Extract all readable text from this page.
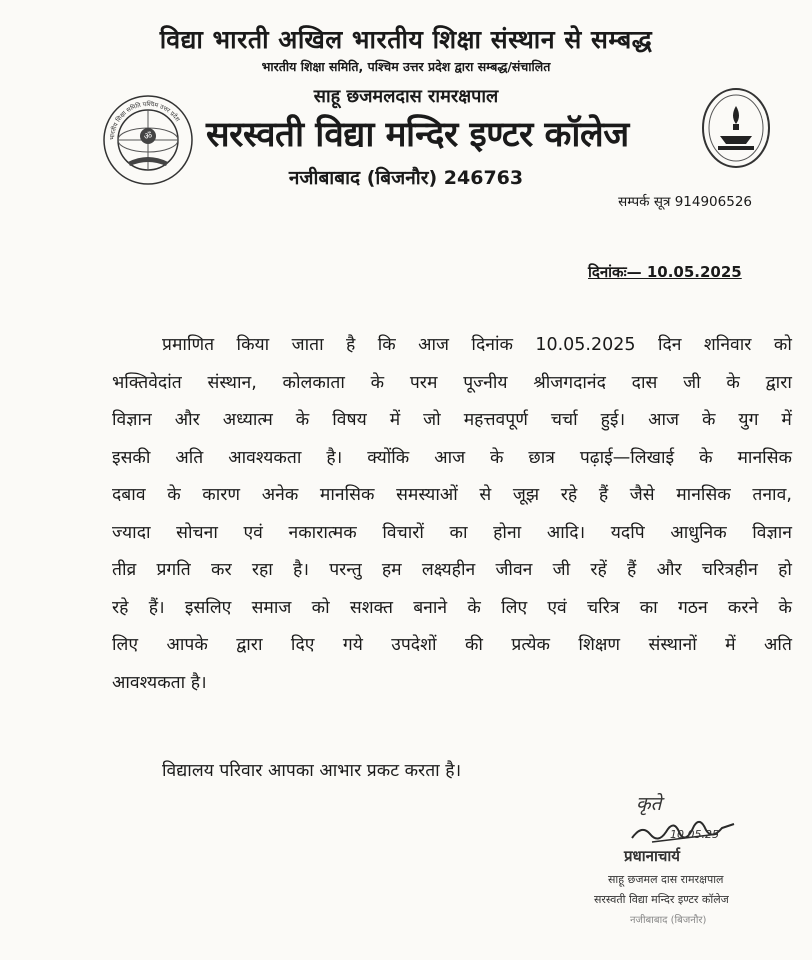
विद्या भारती अखिल भारतीय शिक्षा संस्थान से सम्बद्ध
भारतीय शिक्षा समिति, पश्चिम उत्तर प्रदेश द्वारा सम्बद्ध/संचालित
साहू छजमलदास रामरक्षपाल
ॐ
भारतीय शिक्षा समिति पश्चिम उत्तर प्रदेश सरस्वती विद्या मन्दिर इण्टर कॉलेज
नजीबाबाद (बिजनौर) 246763
सम्पर्क सूत्र 914906526
दिनांकः— 10.05.2025
प्रमाणित किया जाता है कि आज दिनांक 10.05.2025 दिन शनिवार को
भक्तिवेदांत संस्थान, कोलकाता के परम पूज्नीय श्रीजगदानंद दास जी के द्वारा
विज्ञान और अध्यात्म के विषय में जो महत्तवपूर्ण चर्चा हुई। आज के युग में
इसकी अति आवश्यकता है। क्योंकि आज के छात्र पढ़ाई—लिखाई के मानसिक
दबाव के कारण अनेक मानसिक समस्याओं से जूझ रहे हैं जैसे मानसिक तनाव,
ज्यादा सोचना एवं नकारात्मक विचारों का होना आदि। यदपि आधुनिक विज्ञान
तीव्र प्रगति कर रहा है। परन्तु हम लक्ष्यहीन जीवन जी रहें हैं और चरित्रहीन हो
रहे हैं। इसलिए समाज को सशक्त बनाने के लिए एवं चरित्र का गठन करने के
लिए आपके द्वारा दिए गये उपदेशों की प्रत्येक शिक्षण संस्थानों में अति
आवश्यकता है।
विद्यालय परिवार आपका आभार प्रकट करता है।
कृते
10.05.25
प्रधानाचार्य
साहू छजमल दास रामरक्षपाल
सरस्वती विद्या मन्दिर इण्टर कॉलेज
नजीबाबाद (बिजनौर)
